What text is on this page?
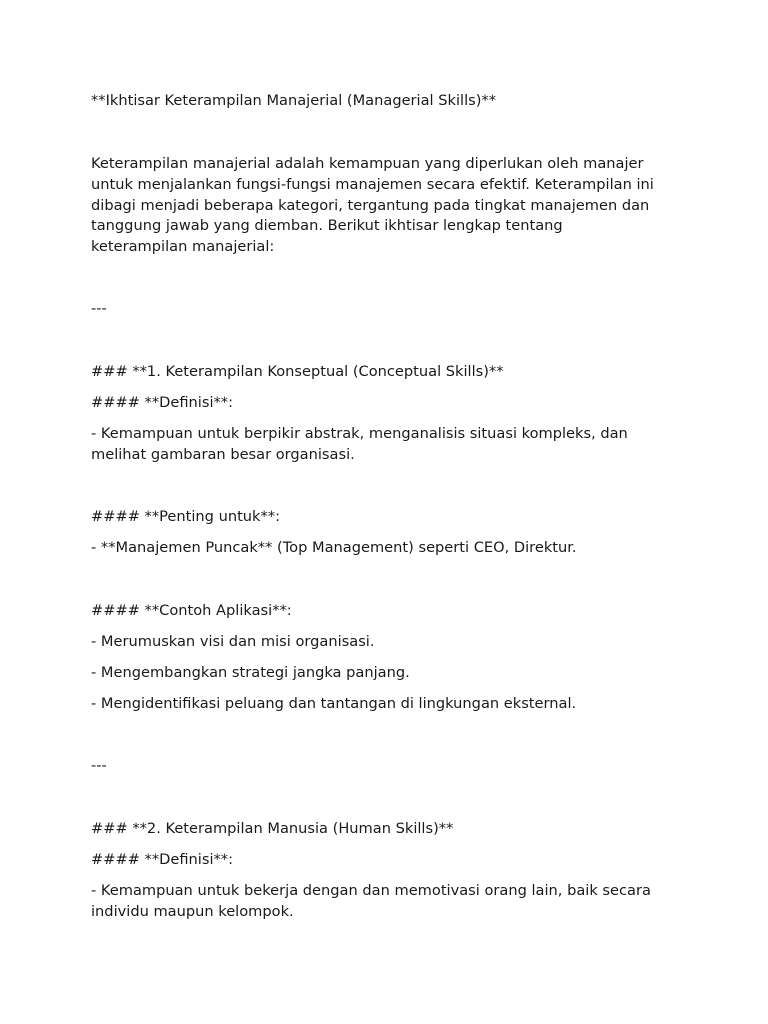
**Ikhtisar Keterampilan Manajerial (Managerial Skills)**

Keterampilan manajerial adalah kemampuan yang diperlukan oleh manajer

untuk menjalankan fungsi-fungsi manajemen secara efektif. Keterampilan ini

dibagi menjadi beberapa kategori, tergantung pada tingkat manajemen dan

tanggung jawab yang diemban. Berikut ikhtisar lengkap tentang

keterampilan manajerial:

---

### **1. Keterampilan Konseptual (Conceptual Skills)**

#### **Definisi**:

- Kemampuan untuk berpikir abstrak, menganalisis situasi kompleks, dan

melihat gambaran besar organisasi.

#### **Penting untuk**:

- **Manajemen Puncak** (Top Management) seperti CEO, Direktur.

#### **Contoh Aplikasi**:

- Merumuskan visi dan misi organisasi.

- Mengembangkan strategi jangka panjang.

- Mengidentifikasi peluang dan tantangan di lingkungan eksternal.

---

### **2. Keterampilan Manusia (Human Skills)**

#### **Definisi**:

- Kemampuan untuk bekerja dengan dan memotivasi orang lain, baik secara

individu maupun kelompok.
